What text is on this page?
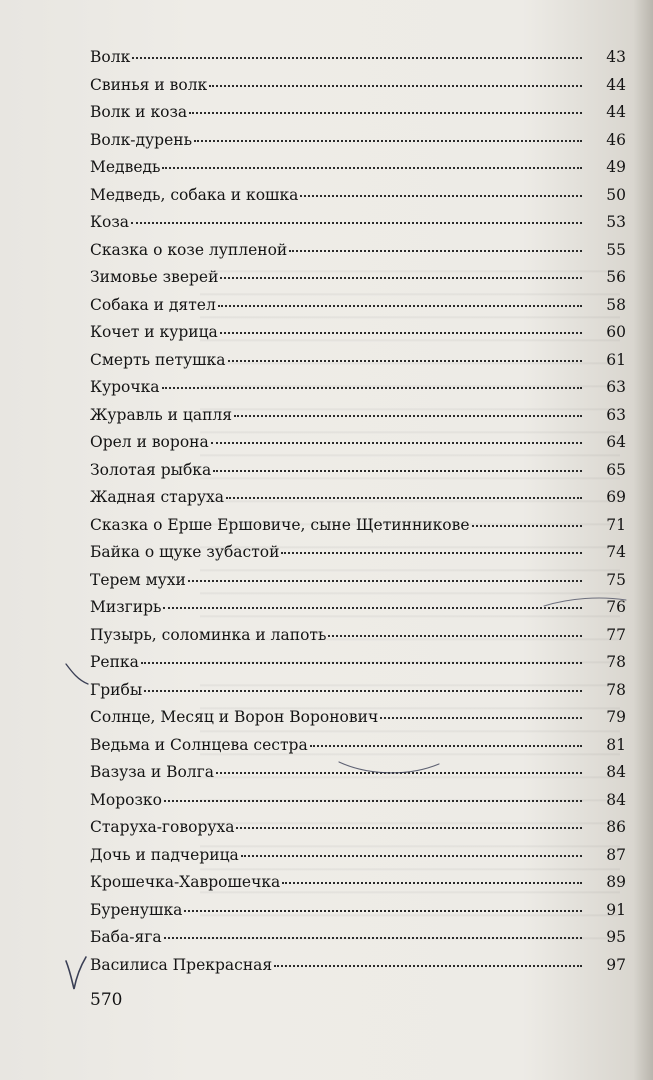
Волк	43
Свинья и волк	44
Волк и коза	44
Волк-дурень	46
Медведь	49
Медведь, собака и кошка	50
Коза	53
Сказка о козе лупленой	55
Зимовье зверей	56
Собака и дятел	58
Кочет и курица	60
Смерть петушка	61
Курочка	63
Журавль и цапля	63
Орел и ворона	64
Золотая рыбка	65
Жадная старуха	69
Сказка о Ерше Ершовиче, сыне Щетинникове	71
Байка о щуке зубастой	74
Терем мухи	75
Мизгирь	76
Пузырь, соломинка и лапоть	77
Репка	78
Грибы	78
Солнце, Месяц и Ворон Воронович	79
Ведьма и Солнцева сестра	81
Вазуза и Волга	84
Морозко	84
Старуха-говоруха	86
Дочь и падчерица	87
Крошечка-Хаврошечка	89
Буренушка	91
Баба-яга	95
Василиса Прекрасная	97
570
